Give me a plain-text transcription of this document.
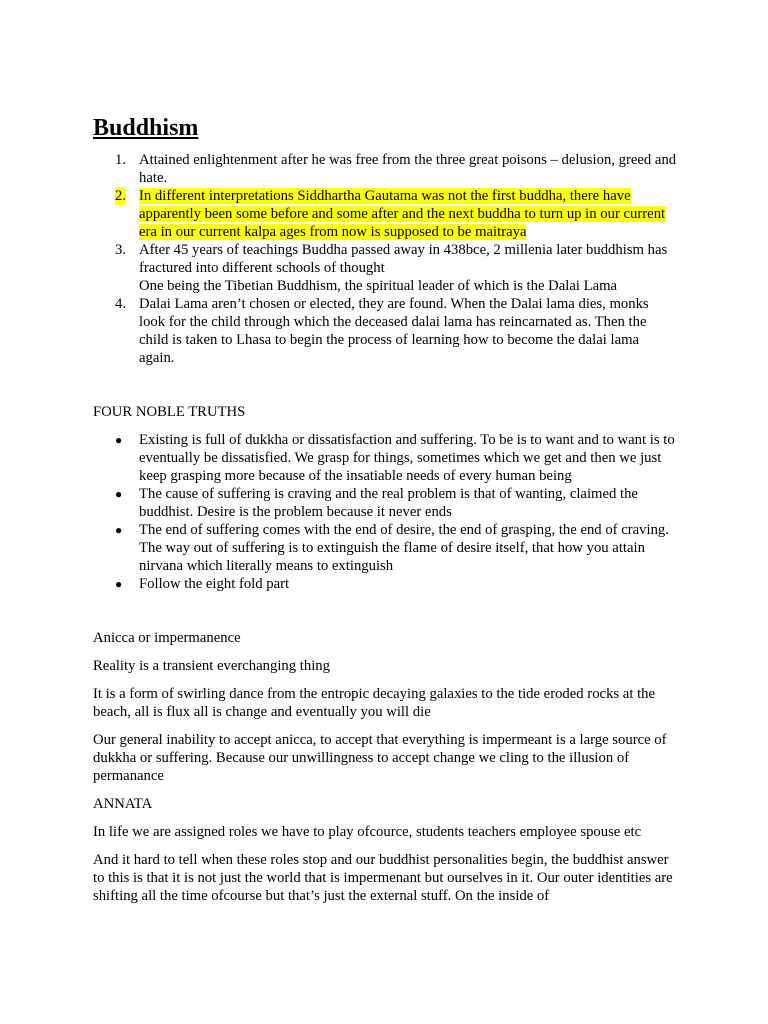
Buddhism
1. Attained enlightenment after he was free from the three great poisons – delusion, greed and hate.
2. In different interpretations Siddhartha Gautama was not the first buddha, there have apparently been some before and some after and the next buddha to turn up in our current era in our current kalpa ages from now is supposed to be maitraya
3. After 45 years of teachings Buddha passed away in 438bce, 2 millenia later buddhism has fractured into different schools of thought
One being the Tibetian Buddhism, the spiritual leader of which is the Dalai Lama
4. Dalai Lama aren’t chosen or elected, they are found. When the Dalai lama dies, monks look for the child through which the deceased dalai lama has reincarnated as. Then the child is taken to Lhasa to begin the process of learning how to become the dalai lama again.
FOUR NOBLE TRUTHS
● Existing is full of dukkha or dissatisfaction and suffering. To be is to want and to want is to eventually be dissatisfied. We grasp for things, sometimes which we get and then we just keep grasping more because of the insatiable needs of every human being
● The cause of suffering is craving and the real problem is that of wanting, claimed the buddhist. Desire is the problem because it never ends
● The end of suffering comes with the end of desire, the end of grasping, the end of craving. The way out of suffering is to extinguish the flame of desire itself, that how you attain nirvana which literally means to extinguish
● Follow the eight fold part

Anicca or impermanence

Reality is a transient everchanging thing

It is a form of swirling dance from the entropic decaying galaxies to the tide eroded rocks at the beach, all is flux all is change and eventually you will die

Our general inability to accept anicca, to accept that everything is impermeant is a large source of dukkha or suffering. Because our unwillingness to accept change we cling to the illusion of permanance

ANNATA

In life we are assigned roles we have to play ofcource, students teachers employee spouse etc

And it hard to tell when these roles stop and our buddhist personalities begin, the buddhist answer to this is that it is not just the world that is impermenant but ourselves in it. Our outer identities are shifting all the time ofcourse but that’s just the external stuff. On the inside of
